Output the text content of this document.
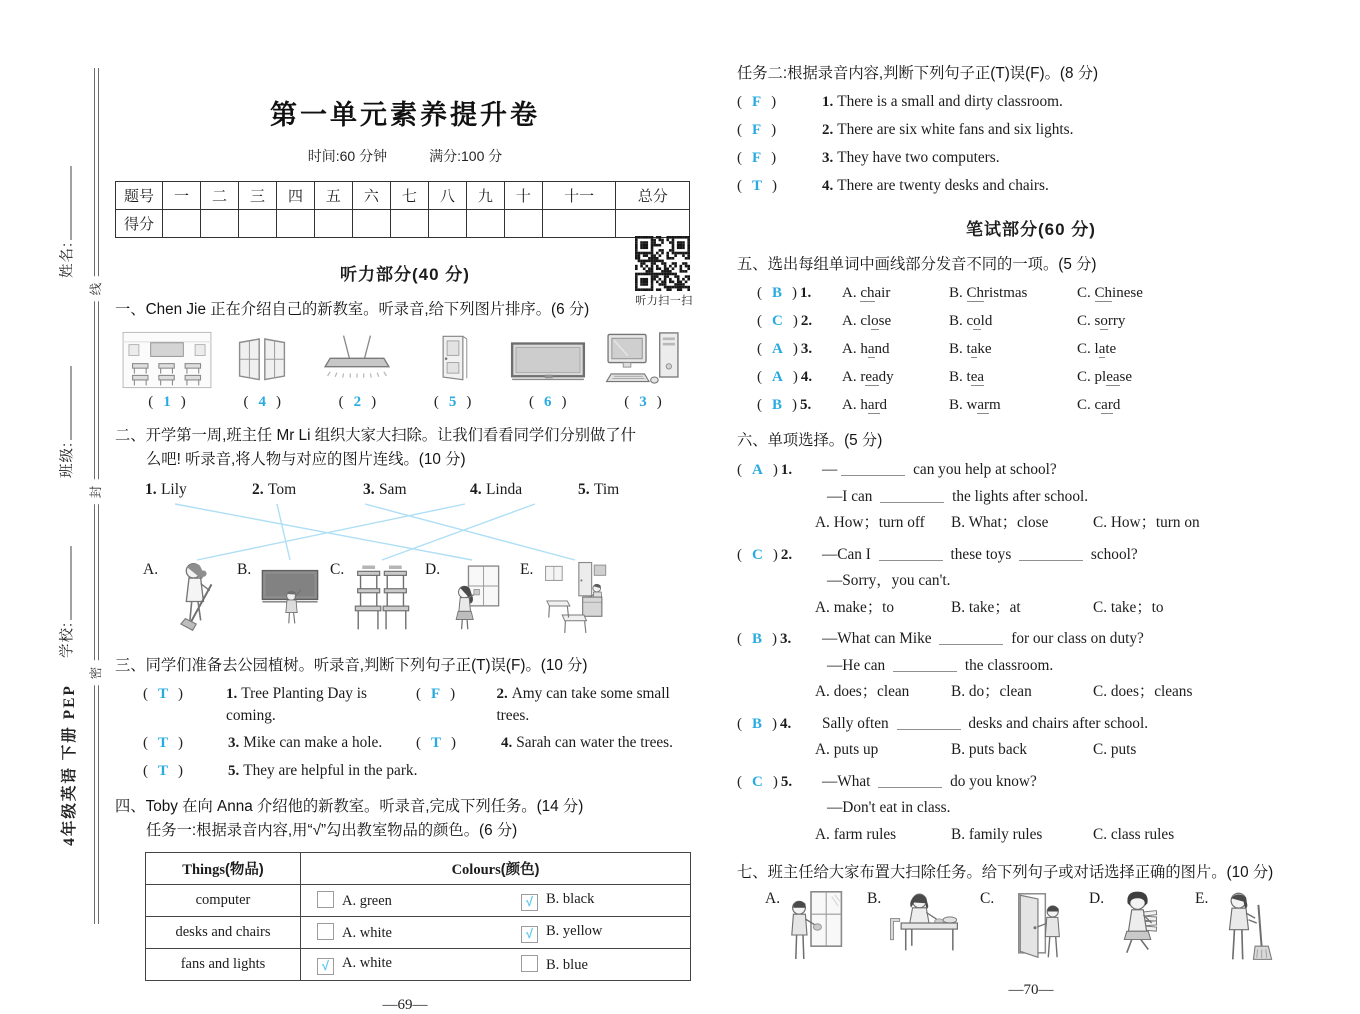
姓名:
班级:
学校:
4年级英语 下册 PEP
线
封
密
第一单元素养提升卷
时间:60 分钟	满分:100 分
题号	一	二	三	四	五	六	七	八	九	十	十一	总分
得分												
听力部分(40 分)
听力扫一扫
一、Chen Jie 正在介绍自己的新教室。听录音,给下列图片排序。(6 分)
( 1 )	( 4 )	( 2 )	( 5 )	( 6 )	( 3 )
二、开学第一周,班主任 Mr Li 组织大家大扫除。让我们看看同学们分别做了什
么吧! 听录音,将人物与对应的图片连线。(10 分)
1. Lily	2. Tom	3. Sam	4. Linda	5. Tim
A.	B.	C.	D.	E.
三、同学们准备去公园植树。听录音,判断下列句子正(T)误(F)。(10 分)
( T )	1. Tree Planting Day is coming.
( F )	2. Amy can take some small trees.
( T )	3. Mike can make a hole. ( T )	4. Sarah can water the trees.
( T )	5. They are helpful in the park.
四、Toby 在向 Anna 介绍他的新教室。听录音,完成下列任务。(14 分)
任务一:根据录音内容,用“√”勾出教室物品的颜色。(6 分)
Things(物品)	Colours(颜色)	
computer	A. green	√ B. black
desks and chairs	A. white	√ B. yellow
fans and lights	√ A. white	B. blue
—69—
任务二:根据录音内容,判断下列句子正(T)误(F)。(8 分)
( F )	1. There is a small and dirty classroom.
( F )	2. There are six white fans and six lights.
( F )	3. They have two computers.
( T )	4. There are twenty desks and chairs.
笔试部分(60 分)
五、选出每组单词中画线部分发音不同的一项。(5 分)
( B ) 1.	A. chair	B. Christmas	C. Chinese
( C ) 2.	A. close	B. cold	C. sorry
( A ) 3.	A. hand	B. take	C. late
( A ) 4.	A. ready	B. tea	C. please
( B ) 5.	A. hard	B. warm	C. card
六、单项选择。(5 分)
( A ) 1. —	can you help at school?
—I can	the lights after school.
A. How；turn off	B. What；close	C. How；turn on
( C ) 2. —Can I	these toys	school?
—Sorry，you can't.
A. make；to	B. take；at	C. take；to
( B ) 3. —What can Mike	for our class on duty?
—He can	the classroom.
A. does；clean	B. do；clean	C. does；cleans
( B ) 4. Sally often	desks and chairs after school.
A. puts up	B. puts back	C. puts
( C ) 5. —What	do you know?
—Don't eat in class.
A. farm rules	B. family rules	C. class rules
七、班主任给大家布置大扫除任务。给下列句子或对话选择正确的图片。(10 分)
A.	B.	C.	D.	E.
—70—
